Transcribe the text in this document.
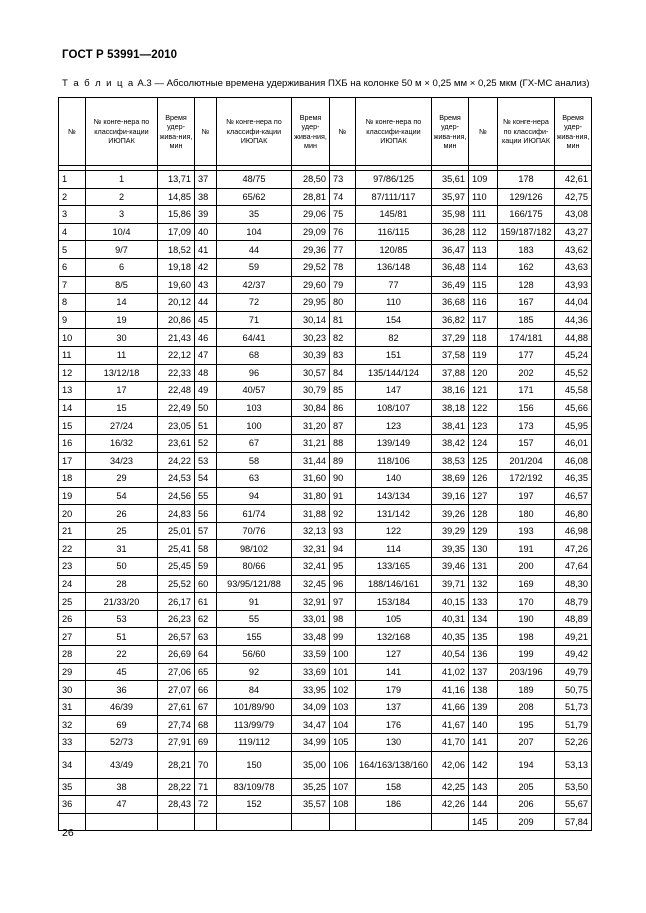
ГОСТ Р 53991—2010
Т а б л и ц а А.3 — Абсолютные времена удерживания ПХБ на колонке 50 м × 0,25 мм × 0,25 мкм (ГХ-МС анализ)
№	№ конге-нера по классифи-кации ИЮПАК	Время удер-жива-ния, мин	№	№ конге-нера по классифи-кации ИЮПАК	Время удер-жива-ния, мин	№	№ конге-нера по классифи-кации ИЮПАК	Время удер-жива-ния, мин	№	№ конге-нера по классифи-кации ИЮПАК	Время удер-жива-ния, мин

1	1	13,71	37	48/75	28,50	73	97/86/125	35,61	109	178	42,61
2	2	14,85	38	65/62	28,81	74	87/111/117	35,97	110	129/126	42,75
3	3	15,86	39	35	29,06	75	145/81	35,98	111	166/175	43,08
4	10/4	17,09	40	104	29,09	76	116/115	36,28	112	159/187/182	43,27
5	9/7	18,52	41	44	29,36	77	120/85	36,47	113	183	43,62
6	6	19,18	42	59	29,52	78	136/148	36,48	114	162	43,63
7	8/5	19,60	43	42/37	29,60	79	77	36,49	115	128	43,93
8	14	20,12	44	72	29,95	80	110	36,68	116	167	44,04
9	19	20,86	45	71	30,14	81	154	36,82	117	185	44,36
10	30	21,43	46	64/41	30,23	82	82	37,29	118	174/181	44,88
11	11	22,12	47	68	30,39	83	151	37,58	119	177	45,24
12	13/12/18	22,33	48	96	30,57	84	135/144/124	37,88	120	202	45,52
13	17	22,48	49	40/57	30,79	85	147	38,16	121	171	45,58
14	15	22,49	50	103	30,84	86	108/107	38,18	122	156	45,66
15	27/24	23,05	51	100	31,20	87	123	38,41	123	173	45,95
16	16/32	23,61	52	67	31,21	88	139/149	38,42	124	157	46,01
17	34/23	24,22	53	58	31,44	89	118/106	38,53	125	201/204	46,08
18	29	24,53	54	63	31,60	90	140	38,69	126	172/192	46,35
19	54	24,56	55	94	31,80	91	143/134	39,16	127	197	46,57
20	26	24,83	56	61/74	31,88	92	131/142	39,26	128	180	46,80
21	25	25,01	57	70/76	32,13	93	122	39,29	129	193	46,98
22	31	25,41	58	98/102	32,31	94	114	39,35	130	191	47,26
23	50	25,45	59	80/66	32,41	95	133/165	39,46	131	200	47,64
24	28	25,52	60	93/95/121/88	32,45	96	188/146/161	39,71	132	169	48,30
25	21/33/20	26,17	61	91	32,91	97	153/184	40,15	133	170	48,79
26	53	26,23	62	55	33,01	98	105	40,31	134	190	48,89
27	51	26,57	63	155	33,48	99	132/168	40,35	135	198	49,21
28	22	26,69	64	56/60	33,59	100	127	40,54	136	199	49,42
29	45	27,06	65	92	33,69	101	141	41,02	137	203/196	49,79
30	36	27,07	66	84	33,95	102	179	41,16	138	189	50,75
31	46/39	27,61	67	101/89/90	34,09	103	137	41,66	139	208	51,73
32	69	27,74	68	113/99/79	34,47	104	176	41,67	140	195	51,79
33	52/73	27,91	69	119/112	34,99	105	130	41,70	141	207	52,26
34	43/49	28,21	70	150	35,00	106	164/163/138/160	42,06	142	194	53,13
35	38	28,22	71	83/109/78	35,25	107	158	42,25	143	205	53,50
36	47	28,43	72	152	35,57	108	186	42,26	144	206	55,67
									145	209	57,84
26
